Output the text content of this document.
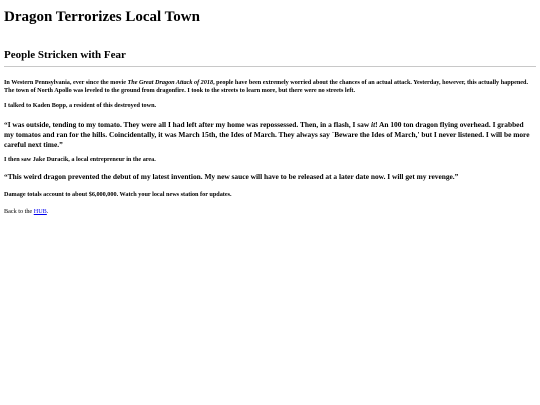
Dragon Terrorizes Local Town
People Stricken with Fear

In Western Pennsylvania, ever since the movie The Great Dragon Attack of 2018, people have been extremely worried about the chances of an actual attack. Yesterday, however, this actually happened. The town of North Apollo was leveled to the ground from dragonfire. I took to the streets to learn more, but there were no streets left.

I talked to Kaden Bopp, a resident of this destroyed town.

“I was outside, tending to my tomato. They were all I had left after my home was repossessed. Then, in a flash, I saw it! An 100 ton dragon flying overhead. I grabbed my tomatos and ran for the hills. Coincidentally, it was March 15th, the Ides of March. They always say `Beware the Ides of March,' but I never listened. I will be more careful next time.”

I then saw Jake Duracik, a local entrepreneur in the area.

“This weird dragon prevented the debut of my latest invention. My new sauce will have to be released at a later date now. I will get my revenge.”

Damage totals account to about $6,000,000. Watch your local news station for updates.

Back to the HUB.
